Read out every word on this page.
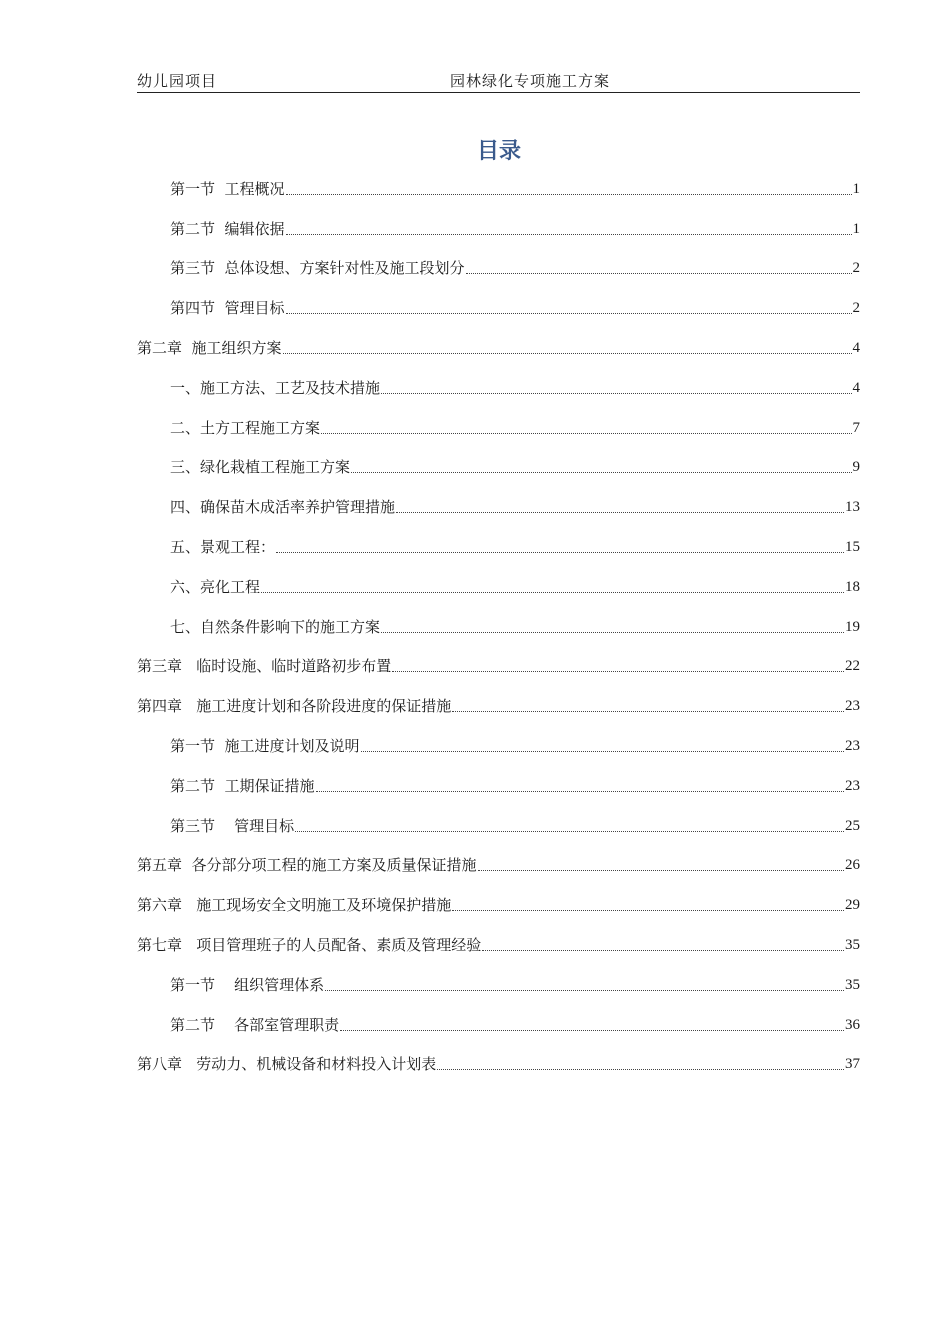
幼儿园项目	园林绿化专项施工方案
目录
第一节  工程概况	1
第二节  编辑依据	1
第三节  总体设想、方案针对性及施工段划分	2
第四节  管理目标	2
第二章  施工组织方案	4
一、施工方法、工艺及技术措施	4
二、土方工程施工方案	7
三、绿化栽植工程施工方案	9
四、确保苗木成活率养护管理措施	13
五、景观工程：	15
六、亮化工程	18
七、自然条件影响下的施工方案	19
第三章   临时设施、临时道路初步布置	22
第四章   施工进度计划和各阶段进度的保证措施	23
第一节  施工进度计划及说明	23
第二节  工期保证措施	23
第三节    管理目标	25
第五章  各分部分项工程的施工方案及质量保证措施	26
第六章   施工现场安全文明施工及环境保护措施	29
第七章   项目管理班子的人员配备、素质及管理经验	35
第一节    组织管理体系	35
第二节    各部室管理职责	36
第八章   劳动力、机械设备和材料投入计划表	37
